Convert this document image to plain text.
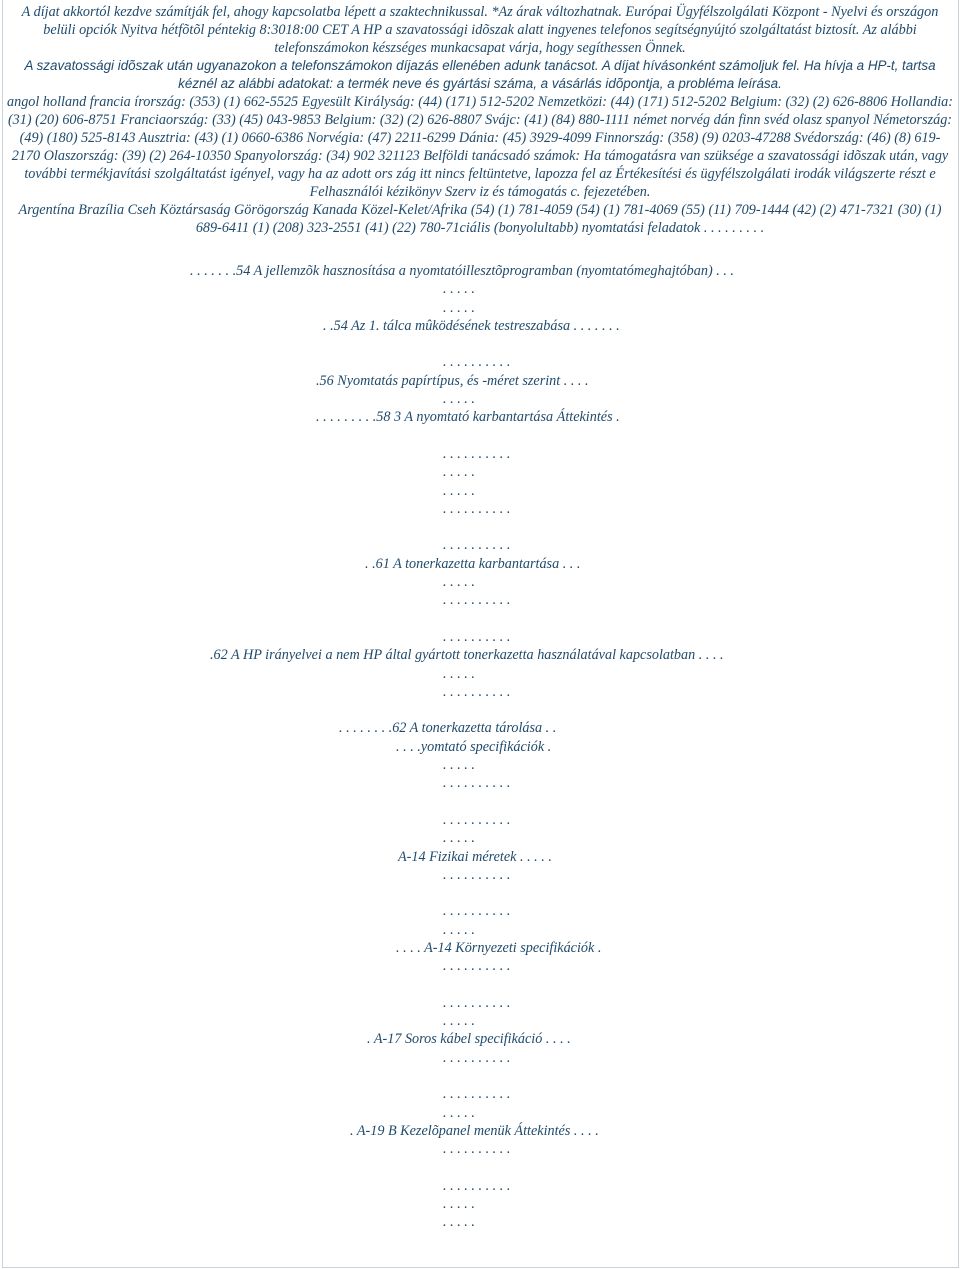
A díjat akkortól kezdve számítják fel, ahogy kapcsolatba lépett a szaktechnikussal. *Az árak változhatnak. Európai Ügyfélszolgálati Központ - Nyelvi és országon belüli opciók Nyitva hétfõtõl péntekig 8:3018:00 CET A HP a szavatossági idõszak alatt ingyenes telefonos segítségnyújtó szolgáltatást biztosít. Az alábbi telefonszámokon készséges munkacsapat várja, hogy segíthessen Önnek.

A szavatossági idõszak után ugyanazokon a telefonszámokon díjazás ellenében adunk tanácsot. A díjat hívásonként számoljuk fel. Ha hívja a HP-t, tartsa kéznél az alábbi adatokat: a termék neve és gyártási száma, a vásárlás idõpontja, a probléma leírása.

angol holland francia írország: (353) (1) 662-5525 Egyesült Királyság: (44) (171) 512-5202 Nemzetközi: (44) (171) 512-5202 Belgium: (32) (2) 626-8806 Hollandia: (31) (20) 606-8751 Franciaország: (33) (45) 043-9853 Belgium: (32) (2) 626-8807 Svájc: (41) (84) 880-1111 német norvég dán finn svéd olasz spanyol Németország: (49) (180) 525-8143 Ausztria: (43) (1) 0660-6386 Norvégia: (47) 2211-6299 Dánia: (45) 3929-4099 Finnország: (358) (9) 0203-47288 Svédország: (46) (8) 619-2170 Olaszország: (39) (2) 264-10350 Spanyolország: (34) 902 321123 Belföldi tanácsadó számok: Ha támogatásra van szüksége a szavatossági idõszak után, vagy további termékjavítási szolgáltatást igényel, vagy ha az adott ors zág itt nincs feltüntetve, lapozza fel az Értékesítési és ügyfélszolgálati irodák világszerte részt e Felhasználói kézikönyv Szerv iz és támogatás c. fejezetében.

Argentína Brazília Cseh Köztársaság Görögország Kanada Közel-Kelet/Afrika (54) (1) 781-4059 (54) (1) 781-4069 (55) (11) 709-1444 (42) (2) 471-7321 (30) (1) 689-6411 (1) (208) 323-2551 (41) (22) 780-71ciális (bonyolultabb) nyomtatási feladatok . . . . . . . . .

. . . . . . .54 A jellemzõk hasznosítása a nyomtatóillesztõprogramban (nyomtatómeghajtóban) . . .
. . . . .
. . . . .
. .54 Az 1. tálca mûködésének testreszabása . . . . . . .
. . . . . . . . . .
.56 Nyomtatás papírtípus, és -méret szerint . . . .
. . . . .
. . . . . . . . .58 3 A nyomtató karbantartása Áttekintés .
. . . . . . . . . .
. . . . .
. . . . .
. . . . . . . . . .
. . . . . . . . . .
. .61 A tonerkazetta karbantartása . . .
. . . . .
. . . . . . . . . .
. . . . . . . . . .
.62 A HP irányelvei a nem HP által gyártott tonerkazetta használatával kapcsolatban . . . .
. . . . .
. . . . . . . . . .
. . . . . . . .62 A tonerkazetta tárolása . .
. . . .yomtató specifikációk .
. . . . .
. . . . . . . . . .
. . . . . . . . . .
. . . . .
A-14 Fizikai méretek . . . . .
. . . . . . . . . .
. . . . . . . . . .
. . . . .
. . . . A-14 Környezeti specifikációk .
. . . . . . . . . .
. . . . . . . . . .
. . . . .
. A-17 Soros kábel specifikáció . . . .
. . . . . . . . . .
. . . . . . . . . .
. . . . .
. A-19 B Kezelõpanel menük Áttekintés . . . .
. . . . . . . . . .
. . . . . . . . . .
. . . . .
. . . . .
